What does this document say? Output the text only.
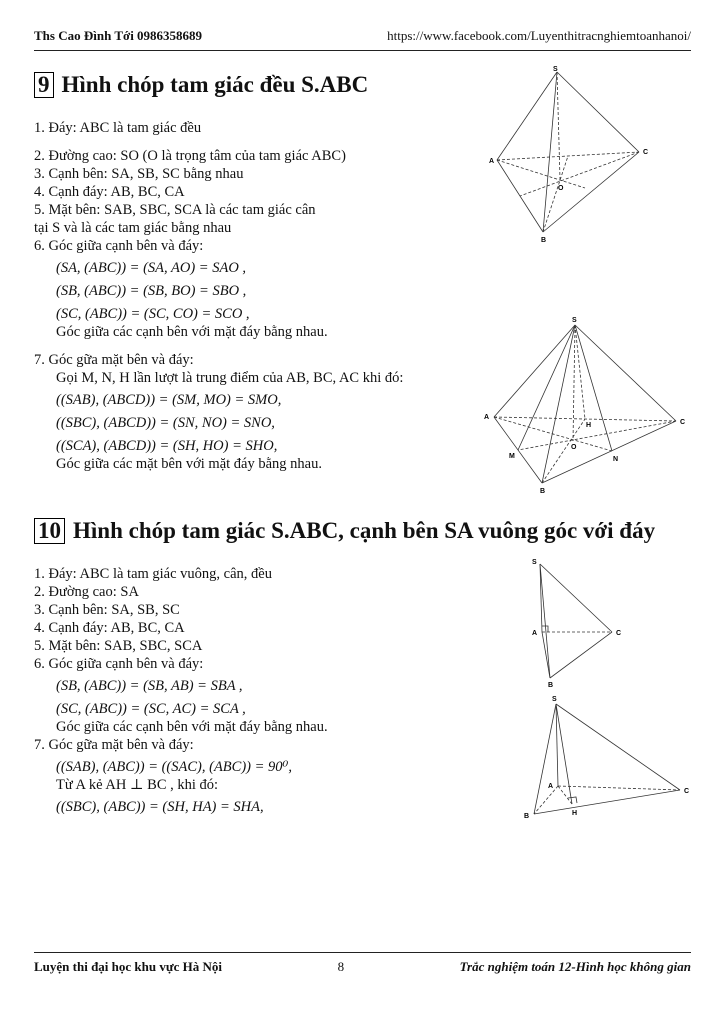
Ths Cao Đình Tới 0986358689	https://www.facebook.com/Luyenthitracnghiemtoanhanoi/
9 Hình chóp tam giác đều S.ABC
1. Đáy: ABC là tam giác đều
2. Đường cao: SO (O là trọng tâm của tam giác ABC)
3. Cạnh bên: SA, SB, SC bằng nhau
4. Cạnh đáy: AB, BC, CA
5. Mặt bên: SAB, SBC, SCA là các tam giác cân
tại S và là các tam giác bằng nhau
6. Góc giữa cạnh bên và đáy:
(SA, (ABC)) = (SA, AO) = SAO ,
(SB, (ABC)) = (SB, BO) = SBO ,
(SC, (ABC)) = (SC, CO) = SCO ,
Góc giữa các cạnh bên với mặt đáy bằng nhau.
7. Góc gữa mặt bên và đáy:
Gọi M, N, H lần lượt là trung điểm của AB, BC, AC khi đó:
((SAB), (ABCD)) = (SM, MO) = SMO,
((SBC), (ABCD)) = (SN, NO) = SNO,
((SCA), (ABCD)) = (SH, HO) = SHO,
Góc giữa các mặt bên với mặt đáy bằng nhau.
S
A
B
C
O
S
A
B
C
O
M	N
H
10 Hình chóp tam giác S.ABC, cạnh bên SA vuông góc với đáy
1. Đáy: ABC là tam giác vuông, cân, đều
2. Đường cao: SA
3. Cạnh bên: SA, SB, SC
4. Cạnh đáy: AB, BC, CA
5. Mặt bên: SAB, SBC, SCA
6. Góc giữa cạnh bên và đáy:
(SB, (ABC)) = (SB, AB) = SBA ,
(SC, (ABC)) = (SC, AC) = SCA ,
Góc giữa các cạnh bên với mặt đáy bằng nhau.
7. Góc gữa mặt bên và đáy:
((SAB), (ABC)) = ((SAC), (ABC)) = 90⁰,
Từ A kẻ AH ⊥ BC , khi đó:
((SBC), (ABC)) = (SH, HA) = SHA,
S
A
B
C
S
A
B
C
H
Luyện thi đại học khu vực Hà Nội	8	Trắc nghiệm toán 12-Hình học không gian
